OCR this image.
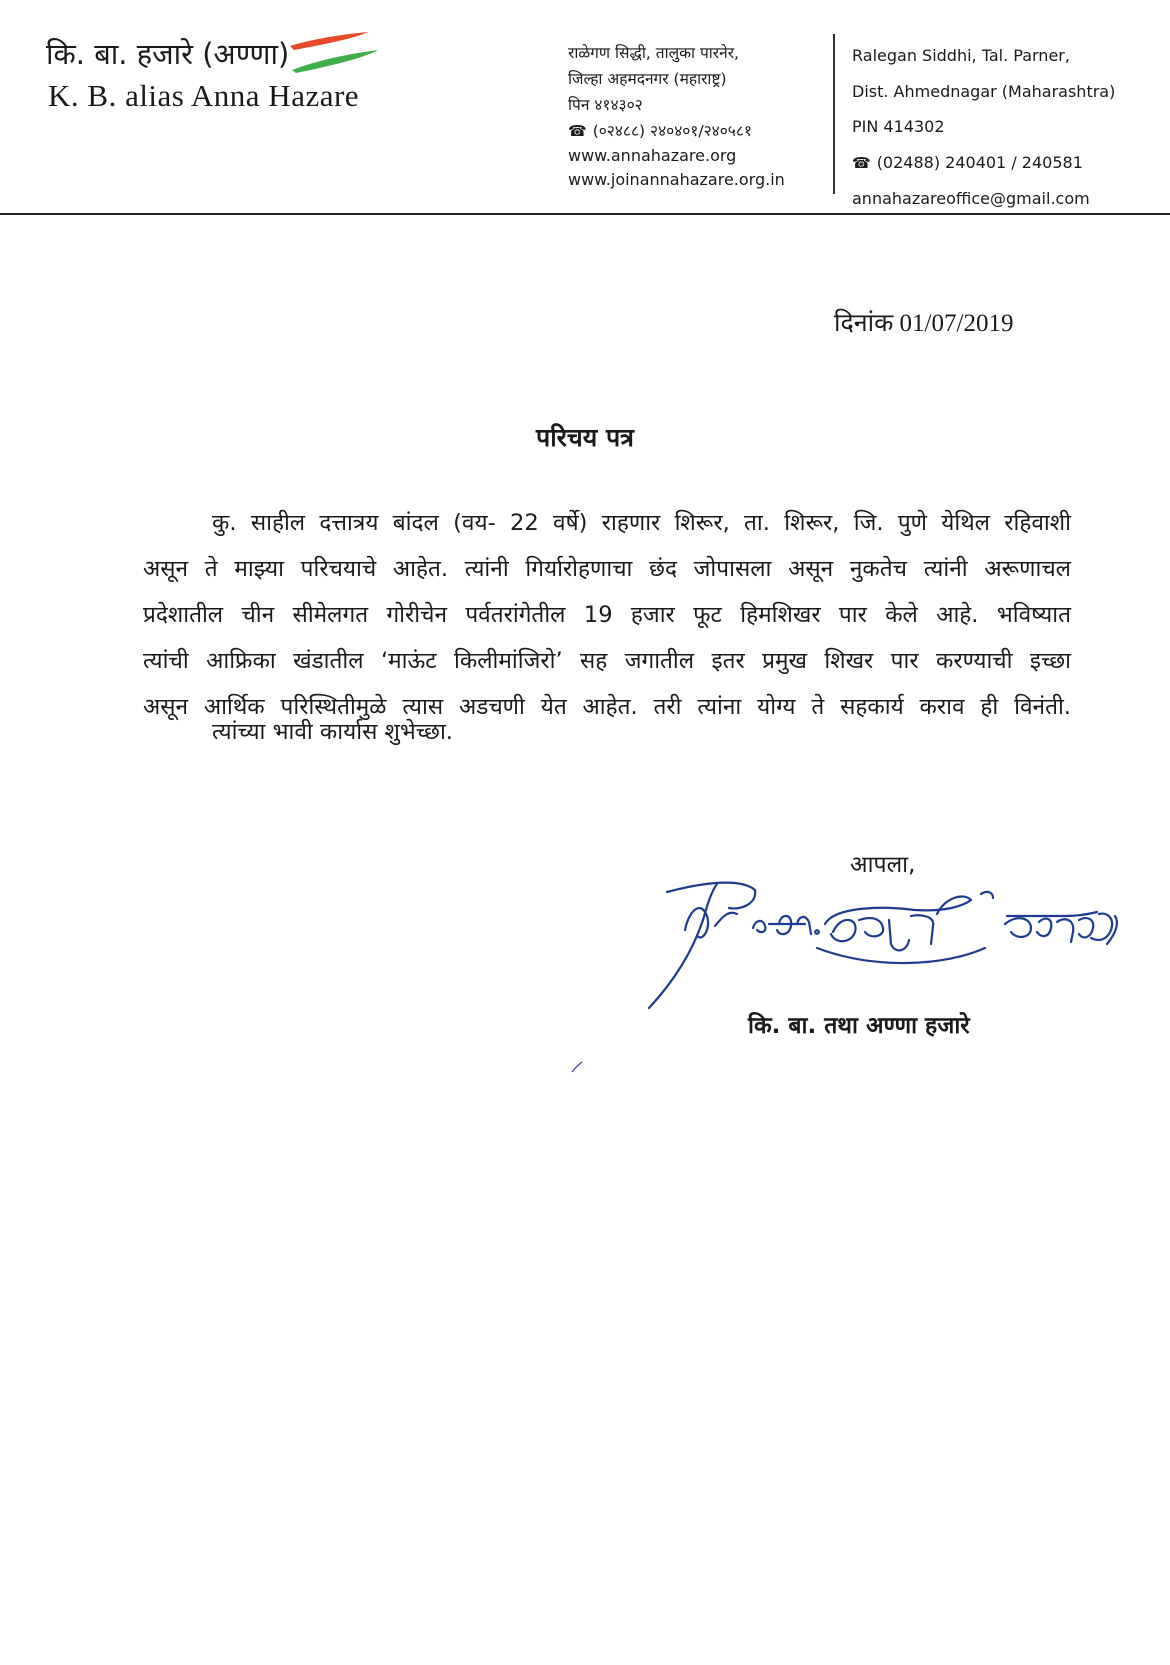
कि. बा. हजारे (अण्णा)
K. B. alias Anna Hazare
राळेगण सिद्धी, तालुका पारनेर,
जिल्हा अहमदनगर (महाराष्ट्र)
पिन ४१४३०२
☎ (०२४८८) २४०४०१/२४०५८१
www.annahazare.org
www.joinannahazare.org.in
Ralegan Siddhi, Tal. Parner,
Dist. Ahmednagar (Maharashtra)
PIN 414302
☎ (02488) 240401 / 240581
annahazareoffice@gmail.com
दिनांक 01/07/2019
परिचय पत्र
कु. साहील दत्तात्रय बांदल (वय- 22 वर्षे) राहणार शिरूर, ता. शिरूर, जि. पुणे येथिल रहिवाशी
असून ते माझ्या परिचयाचे आहेत. त्यांनी गिर्यारोहणाचा छंद जोपासला असून नुकतेच त्यांनी अरूणाचल
प्रदेशातील चीन सीमेलगत गोरीचेन पर्वतरांगेतील 19 हजार फूट हिमशिखर पार केले आहे. भविष्यात
त्यांची आफ्रिका खंडातील ‘माऊंट किलीमांजिरो’ सह जगातील इतर प्रमुख शिखर पार करण्याची इच्छा
असून आर्थिक परिस्थितीमुळे त्यास अडचणी येत आहेत. तरी त्यांना योग्य ते सहकार्य कराव ही विनंती.
त्यांच्या भावी कार्यास शुभेच्छा.
आपला,
कि. बा. तथा अण्णा हजारे
